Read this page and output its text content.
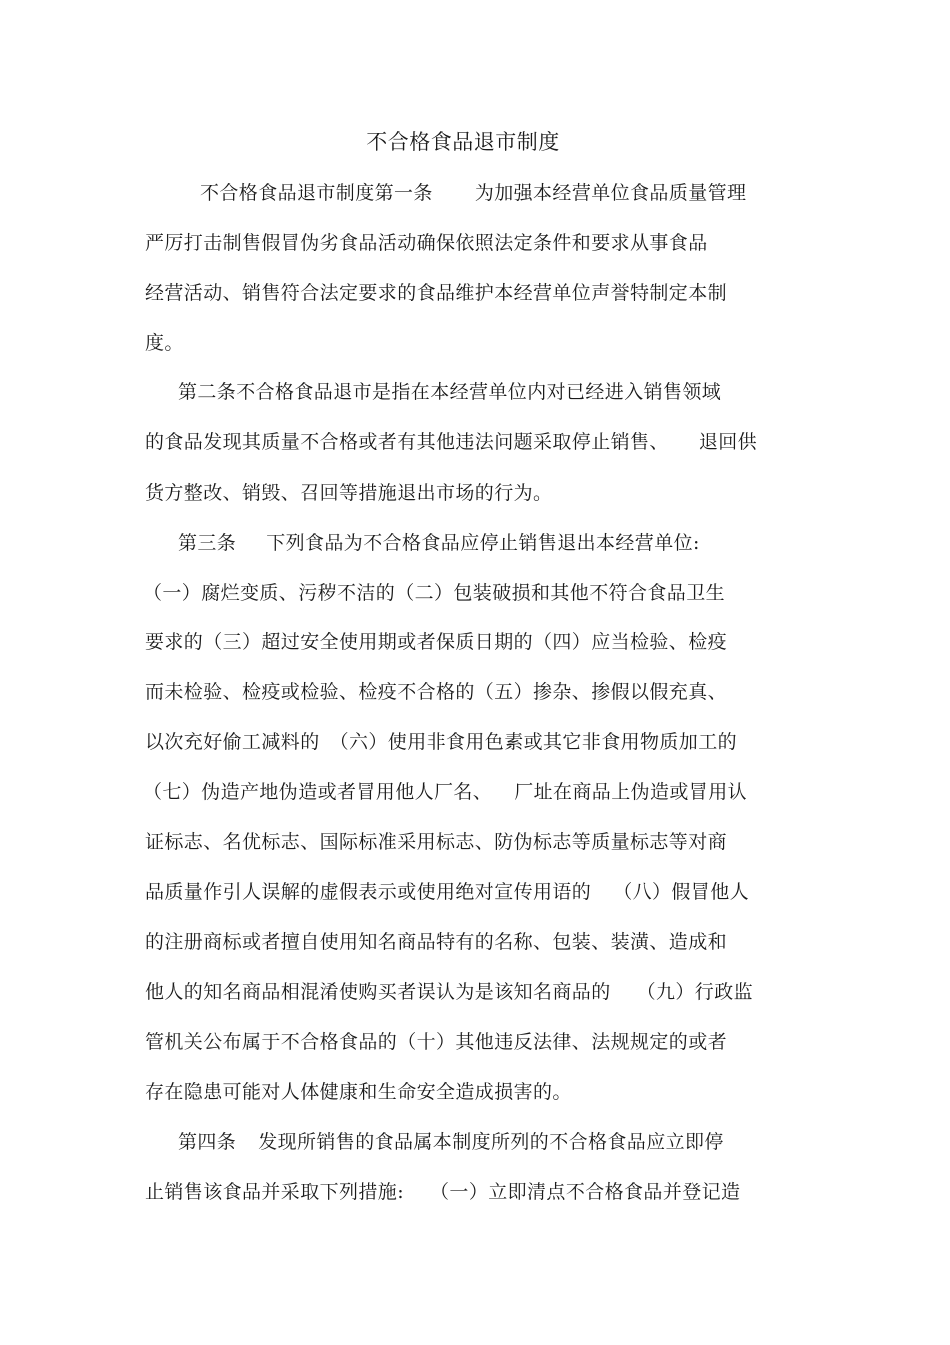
不合格食品退市制度
不合格食品退市制度第一条 为加强本经营单位食品质量管理
严厉打击制售假冒伪劣食品活动确保依照法定条件和要求从事食品
经营活动、销售符合法定要求的食品维护本经营单位声誉特制定本制
度。
第二条不合格食品退市是指在本经营单位内对已经进入销售领域
的食品发现其质量不合格或者有其他违法问题采取停止销售、 退回供
货方整改、销毁、召回等措施退出市场的行为。
第三条 下列食品为不合格食品应停止销售退出本经营单位:
（一）腐烂变质、污秽不洁的（二）包装破损和其他不符合食品卫生
要求的（三）超过安全使用期或者保质日期的（四）应当检验、检疫
而未检验、检疫或检验、检疫不合格的（五）掺杂、掺假以假充真、
以次充好偷工减料的 （六）使用非食用色素或其它非食用物质加工的
（七）伪造产地伪造或者冒用他人厂名、 厂址在商品上伪造或冒用认
证标志、名优标志、国际标准采用标志、防伪标志等质量标志等对商
品质量作引人误解的虚假表示或使用绝对宣传用语的 （八）假冒他人
的注册商标或者擅自使用知名商品特有的名称、包装、装潢、造成和
他人的知名商品相混淆使购买者误认为是该知名商品的 （九）行政监
管机关公布属于不合格食品的（十）其他违反法律、法规规定的或者
存在隐患可能对人体健康和生命安全造成损害的。
第四条 发现所销售的食品属本制度所列的不合格食品应立即停
止销售该食品并采取下列措施: （一）立即清点不合格食品并登记造
